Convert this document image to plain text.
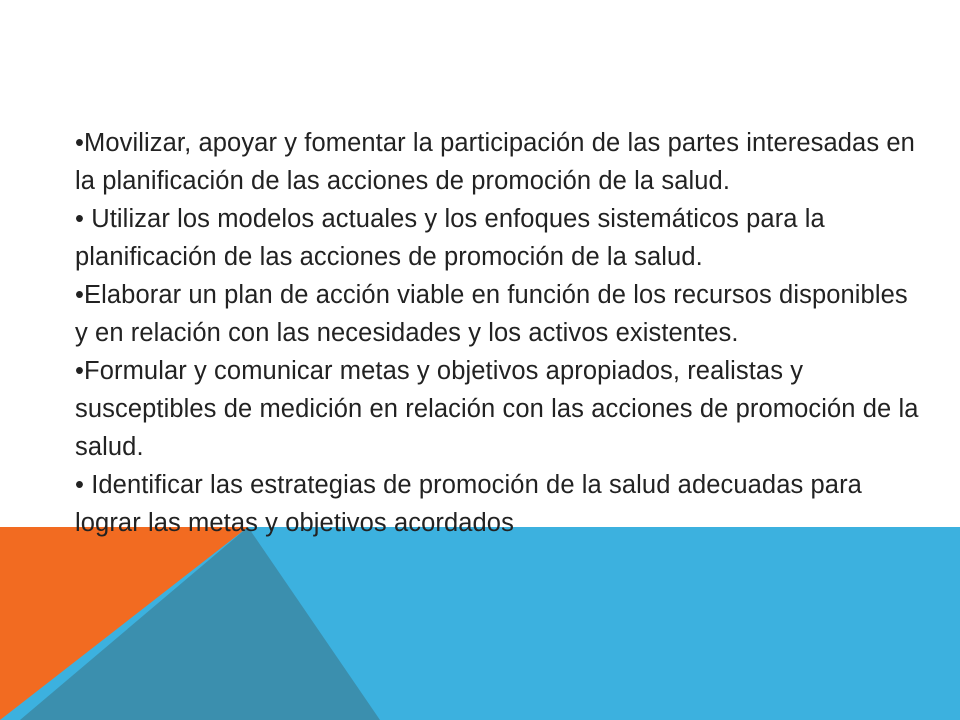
•Movilizar, apoyar y fomentar la participación de las partes interesadas en la planificación de las acciones de promoción de la salud.
• Utilizar los modelos actuales y los enfoques sistemáticos para la planificación de las acciones de promoción de la salud.
•Elaborar un plan de acción viable en función de los recursos disponibles y en relación con las necesidades y los activos existentes.
•Formular y comunicar metas y objetivos apropiados, realistas y susceptibles de medición en relación con las acciones de promoción de la salud.
• Identificar las estrategias de promoción de la salud adecuadas para lograr las metas y objetivos acordados
